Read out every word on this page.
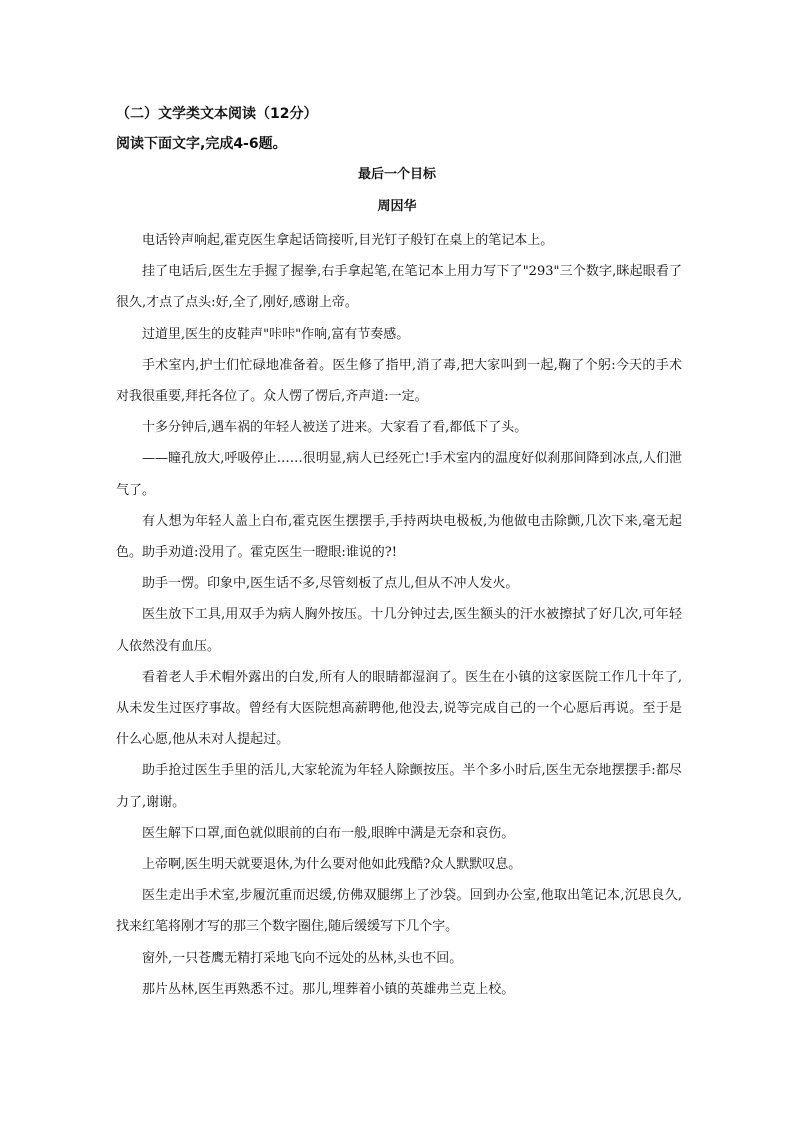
（二）文学类文本阅读（12分）
阅读下面文字,完成4-6题。
最后一个目标
周因华

电话铃声响起,霍克医生拿起话筒接听,目光钉子般钉在桌上的笔记本上。

挂了电话后,医生左手握了握拳,右手拿起笔,在笔记本上用力写下了"293"三个数字,眯起眼看了很久,才点了点头:好,全了,刚好,感谢上帝。

过道里,医生的皮鞋声"咔咔"作响,富有节奏感。

手术室内,护士们忙碌地准备着。医生修了指甲,消了毒,把大家叫到一起,鞠了个躬:今天的手术对我很重要,拜托各位了。众人愣了愣后,齐声道:一定。

十多分钟后,遇车祸的年轻人被送了进来。大家看了看,都低下了头。

——瞳孔放大,呼吸停止……很明显,病人已经死亡!手术室内的温度好似刹那间降到冰点,人们泄气了。

有人想为年轻人盖上白布,霍克医生摆摆手,手持两块电极板,为他做电击除颤,几次下来,毫无起色。助手劝道:没用了。霍克医生一瞪眼:谁说的?!

助手一愣。印象中,医生话不多,尽管刻板了点儿,但从不冲人发火。

医生放下工具,用双手为病人胸外按压。十几分钟过去,医生额头的汗水被擦拭了好几次,可年轻人依然没有血压。

看着老人手术帽外露出的白发,所有人的眼睛都湿润了。医生在小镇的这家医院工作几十年了,从未发生过医疗事故。曾经有大医院想高薪聘他,他没去,说等完成自己的一个心愿后再说。至于是什么心愿,他从未对人提起过。

助手抢过医生手里的活儿,大家轮流为年轻人除颤按压。半个多小时后,医生无奈地摆摆手:都尽力了,谢谢。

医生解下口罩,面色就似眼前的白布一般,眼眸中满是无奈和哀伤。

上帝啊,医生明天就要退休,为什么要对他如此残酷?众人默默叹息。

医生走出手术室,步履沉重而迟缓,仿佛双腿绑上了沙袋。回到办公室,他取出笔记本,沉思良久,找来红笔将刚才写的那三个数字圈住,随后缓缓写下几个字。

窗外,一只苍鹰无精打采地飞向不远处的丛林,头也不回。

那片丛林,医生再熟悉不过。那儿,埋葬着小镇的英雄弗兰克上校。
